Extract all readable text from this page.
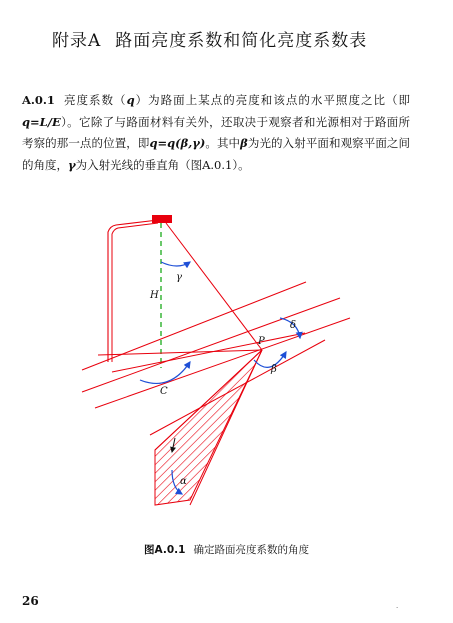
附录A 路面亮度系数和简化亮度系数表
A.0.1 亮度系数（q）为路面上某点的亮度和该点的水平照度之比（即q=L/E）。它除了与路面材料有关外，还取决于观察者和光源相对于路面所考察的那一点的位置，即q=q(β,γ)。其中β为光的入射平面和观察平面之间的角度，γ为入射光线的垂直角（图A.0.1）。
γ
H
P
δ
β
C
α
图A.0.1 确定路面亮度系数的角度
26	·
